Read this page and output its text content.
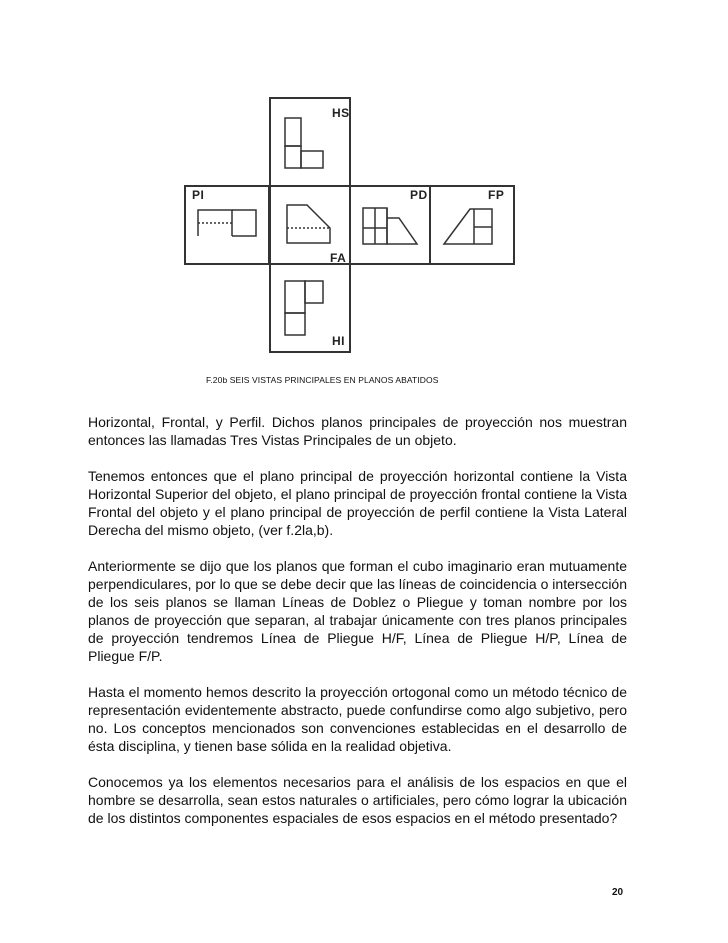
HS
PI	PD	FP
FA
HI
F.20b SEIS VISTAS PRINCIPALES EN PLANOS ABATIDOS

Horizontal, Frontal, y Perfil. Dichos planos principales de proyección nos muestran entonces las llamadas Tres Vistas Principales de un objeto.

Tenemos entonces que el plano principal de proyección horizontal contiene la Vista Horizontal Superior del objeto, el plano principal de proyección frontal contiene la Vista Frontal del objeto y el plano principal de proyección de perfil contiene la Vista Lateral Derecha del mismo objeto, (ver f.2la,b).

Anteriormente se dijo que los planos que forman el cubo imaginario eran mutuamente perpendiculares, por lo que se debe decir que las líneas de coincidencia o intersección de los seis planos se llaman Líneas de Doblez o Pliegue y toman nombre por los planos de proyección que separan, al trabajar únicamente con tres planos principales de proyección tendremos Línea de Pliegue H/F, Línea de Pliegue H/P, Línea de Pliegue F/P.

Hasta el momento hemos descrito la proyección ortogonal como un método técnico de representación evidentemente abstracto, puede confundirse como algo subjetivo, pero no. Los conceptos mencionados son convenciones establecidas en el desarrollo de ésta disciplina, y tienen base sólida en la realidad objetiva.

Conocemos ya los elementos necesarios para el análisis de los espacios en que el hombre se desarrolla, sean estos naturales o artificiales, pero cómo lograr la ubicación de los distintos componentes espaciales de esos espacios en el método presentado?

20
